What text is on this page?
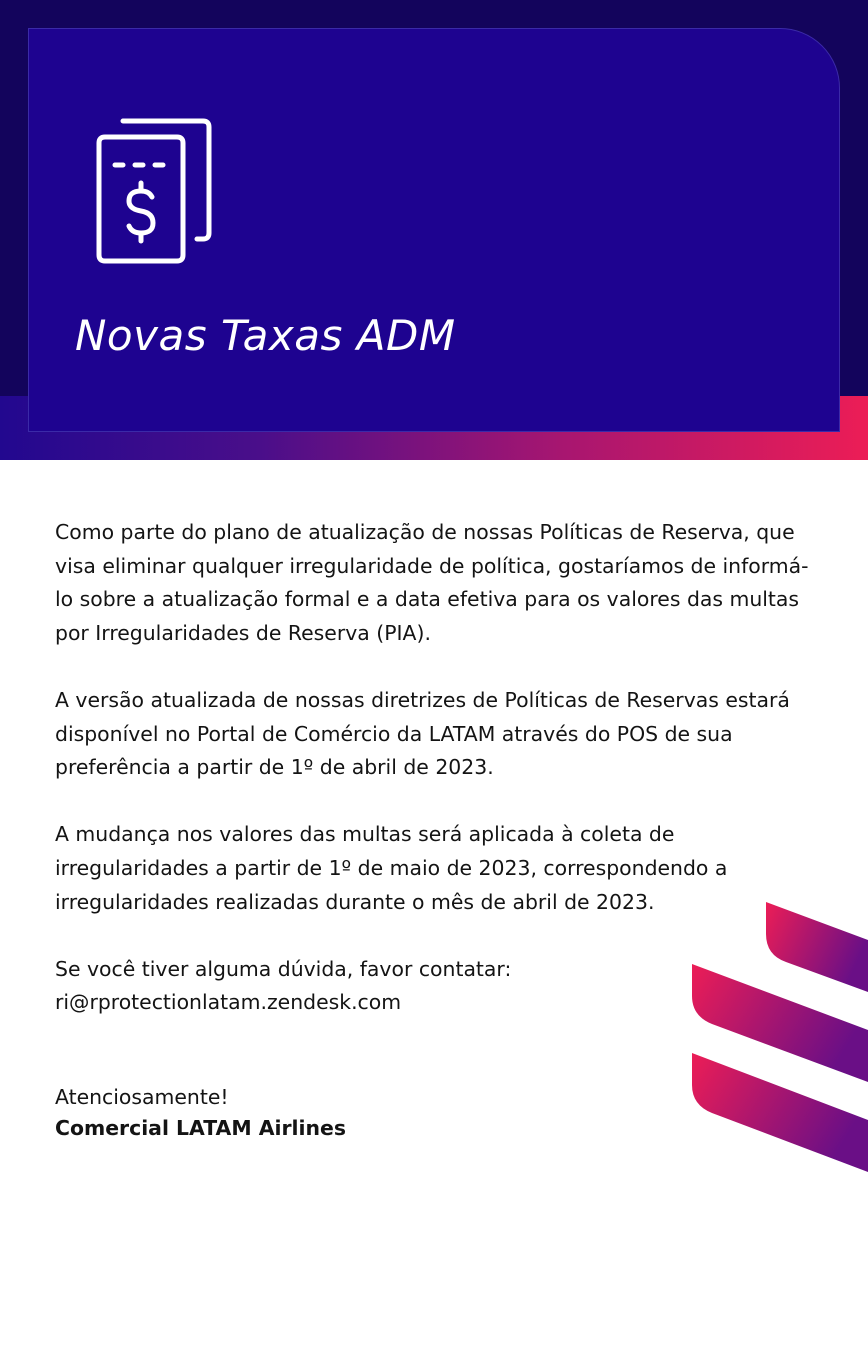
Novas Taxas ADM

Como parte do plano de atualização de nossas Políticas de Reserva, que visa eliminar qualquer irregularidade de política, gostaríamos de informá-lo sobre a atualização formal e a data efetiva para os valores das multas por Irregularidades de Reserva (PIA).

A versão atualizada de nossas diretrizes de Políticas de Reservas estará disponível no Portal de Comércio da LATAM através do POS de sua preferência a partir de 1º de abril de 2023.

A mudança nos valores das multas será aplicada à coleta de irregularidades a partir de 1º de maio de 2023, correspondendo a irregularidades realizadas durante o mês de abril de 2023.

Se você tiver alguma dúvida, favor contatar:

ri@rprotectionlatam.zendesk.com

Atenciosamente!
Comercial LATAM Airlines
